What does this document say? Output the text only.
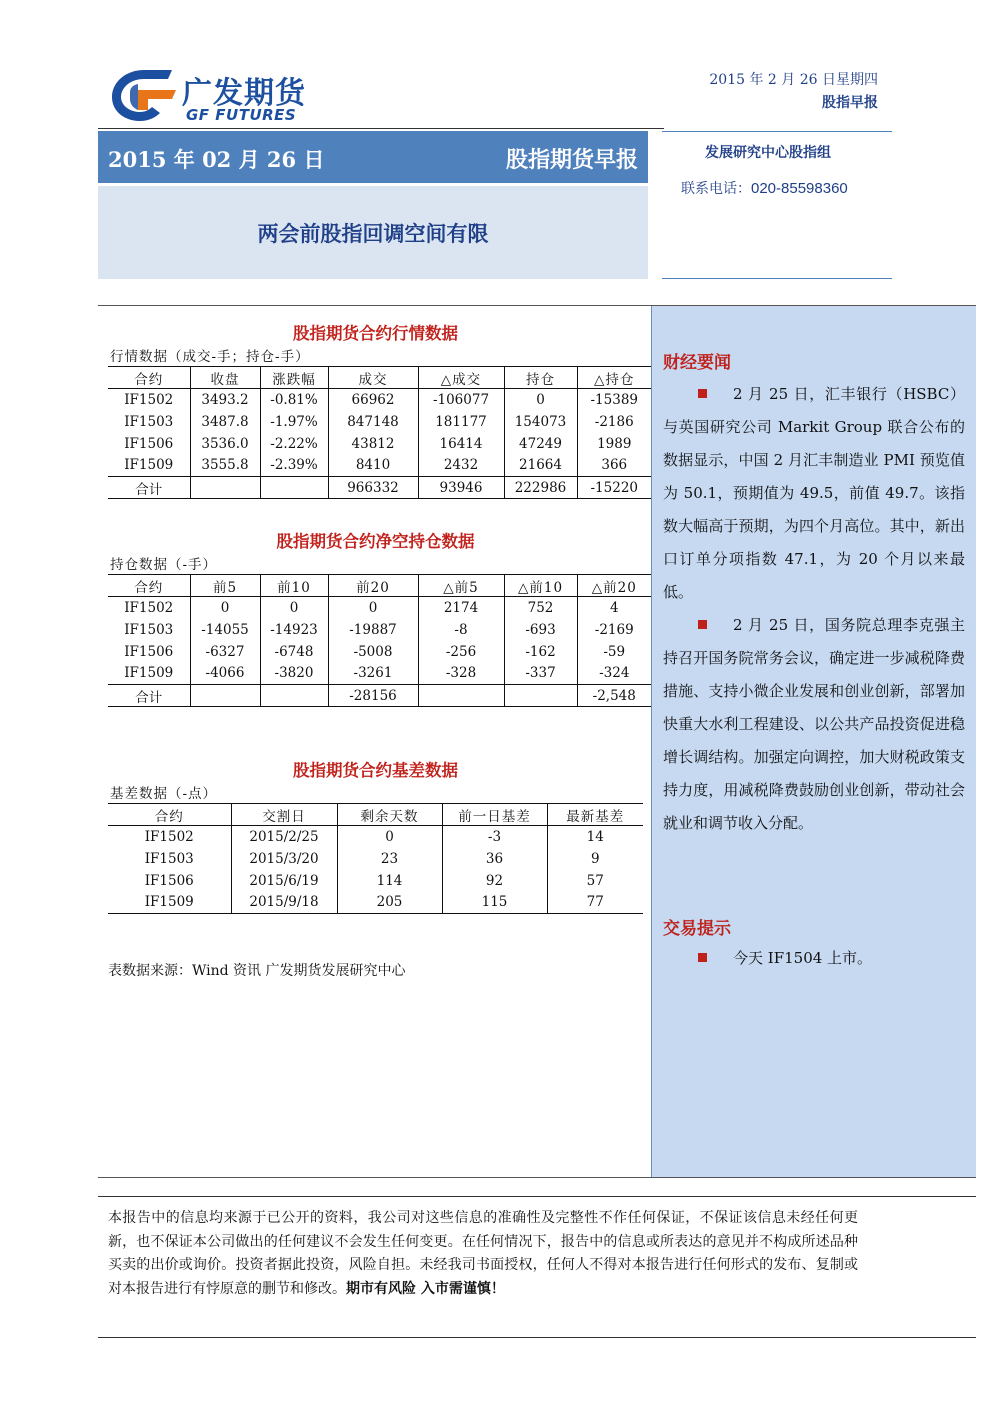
广发期货
GF FUTURES
2015 年 2 月 26 日星期四
股指早报
2015 年 02 月 26 日	股指期货早报
两会前股指回调空间有限
发展研究中心股指组
联系电话：020-85598360
股指期货合约行情数据
行情数据（成交-手；持仓-手）
合约	收盘	涨跌幅	成交	△成交	持仓	△持仓
IF1502	3493.2	-0.81%	66962	-106077	0	-15389
IF1503	3487.8	-1.97%	847148	181177	154073	-2186
IF1506	3536.0	-2.22%	43812	16414	47249	1989
IF1509	3555.8	-2.39%	8410	2432	21664	366
合计			966332	93946	222986	-15220
股指期货合约净空持仓数据
持仓数据（-手）
合约	前5	前10	前20	△前5	△前10	△前20
IF1502	0	0	0	2174	752	4
IF1503	-14055	-14923	-19887	-8	-693	-2169
IF1506	-6327	-6748	-5008	-256	-162	-59
IF1509	-4066	-3820	-3261	-328	-337	-324
合计			-28156			-2,548
股指期货合约基差数据
基差数据（-点）
合约	交割日	剩余天数	前一日基差	最新基差
IF1502	2015/2/25	0	-3	14
IF1503	2015/3/20	23	36	9
IF1506	2015/6/19	114	92	57
IF1509	2015/9/18	205	115	77
表数据来源：Wind 资讯 广发期货发展研究中心
财经要闻
2 月 25 日，汇丰银行（HSBC）与英国研究公司 Markit Group 联合公布的数据显示，中国 2 月汇丰制造业 PMI 预览值为 50.1，预期值为 49.5，前值 49.7。该指数大幅高于预期，为四个月高位。其中，新出口订单分项指数 47.1，为 20 个月以来最低。
2 月 25 日，国务院总理李克强主持召开国务院常务会议，确定进一步减税降费措施、支持小微企业发展和创业创新，部署加快重大水利工程建设、以公共产品投资促进稳增长调结构。加强定向调控，加大财税政策支持力度，用减税降费鼓励创业创新，带动社会就业和调节收入分配。
交易提示
今天 IF1504 上市。
本报告中的信息均来源于已公开的资料，我公司对这些信息的准确性及完整性不作任何保证，不保证该信息未经任何更新，也不保证本公司做出的任何建议不会发生任何变更。在任何情况下，报告中的信息或所表达的意见并不构成所述品种买卖的出价或询价。投资者据此投资，风险自担。未经我司书面授权，任何人不得对本报告进行任何形式的发布、复制或对本报告进行有悖原意的删节和修改。期市有风险 入市需谨慎！
